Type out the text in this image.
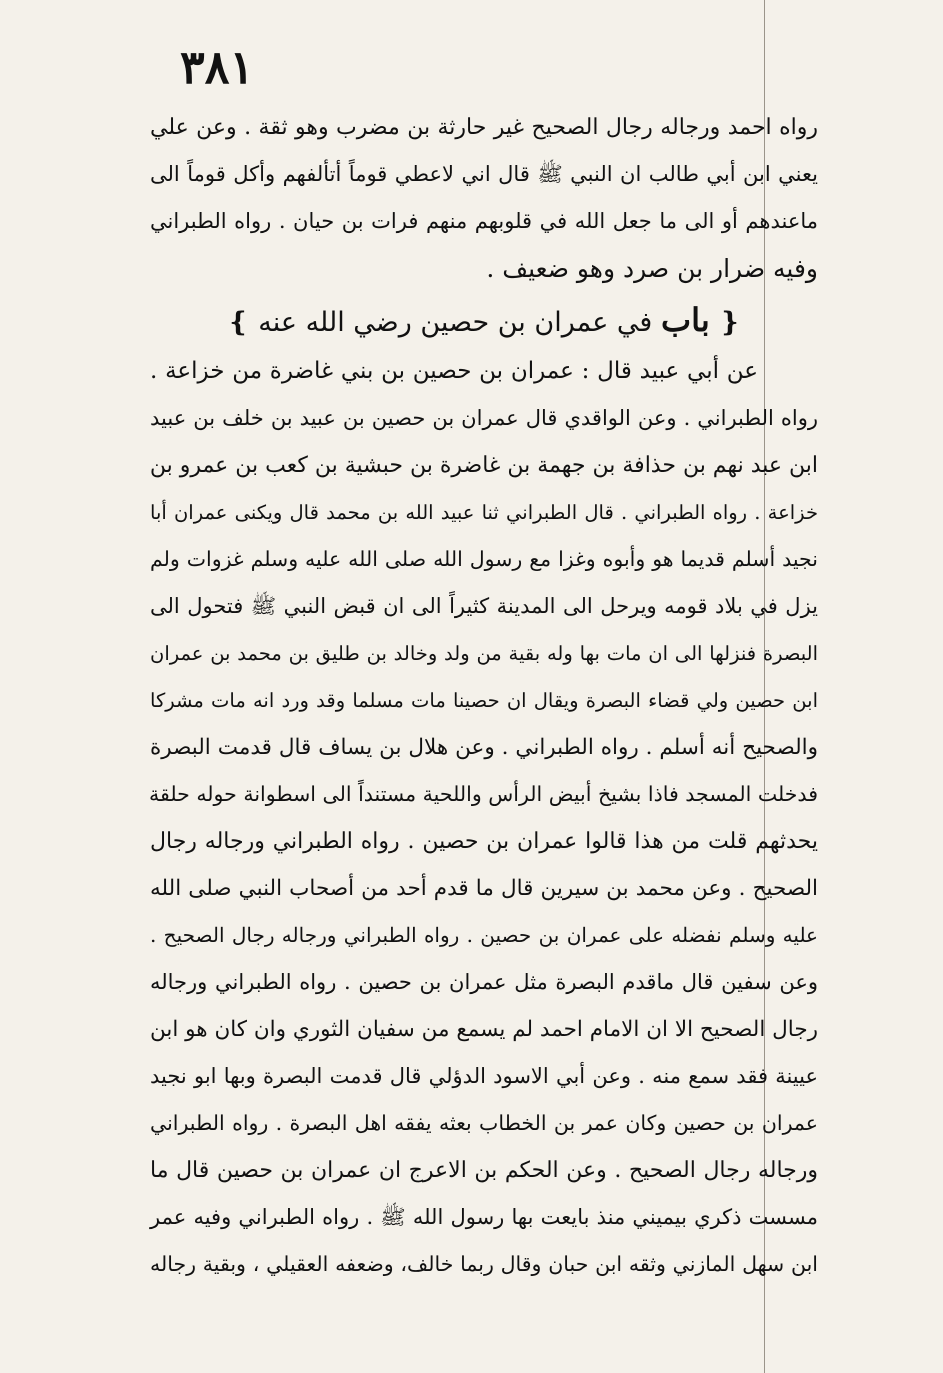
٣٨١
رواه احمد ورجاله رجال الصحيح غير حارثة بن مضرب وهو ثقة . وعن علي
يعني ابن أبي طالب ان النبي ﷺ قال اني لاعطي قوماً أتألفهم وأكل قوماً الى
ماعندهم أو الى ما جعل الله في قلوبهم منهم فرات بن حيان . رواه الطبراني
وفيه ضرار بن صرد وهو ضعيف .
❴ باب في عمران بن حصين رضي الله عنه ❵
عن أبي عبيد قال : عمران بن حصين بن بني غاضرة من خزاعة .
رواه الطبراني . وعن الواقدي قال عمران بن حصين بن عبيد بن خلف بن عبيد
ابن عبد نهم بن حذافة بن جهمة بن غاضرة بن حبشية بن كعب بن عمرو بن
خزاعة . رواه الطبراني . قال الطبراني ثنا عبيد الله بن محمد قال ويكنى عمران أبا
نجيد أسلم قديما هو وأبوه وغزا مع رسول الله صلى الله عليه وسلم غزوات ولم
يزل في بلاد قومه ويرحل الى المدينة كثيراً الى ان قبض النبي ﷺ فتحول الى
البصرة فنزلها الى ان مات بها وله بقية من ولد وخالد بن طليق بن محمد بن عمران
ابن حصين ولي قضاء البصرة ويقال ان حصينا مات مسلما وقد ورد انه مات مشركا
والصحيح أنه أسلم . رواه الطبراني . وعن هلال بن يساف قال قدمت البصرة
فدخلت المسجد فاذا بشيخ أبيض الرأس واللحية مستنداً الى اسطوانة حوله حلقة
يحدثهم قلت من هذا قالوا عمران بن حصين . رواه الطبراني ورجاله رجال
الصحيح . وعن محمد بن سيرين قال ما قدم أحد من أصحاب النبي صلى الله
عليه وسلم نفضله على عمران بن حصين . رواه الطبراني ورجاله رجال الصحيح .
وعن سفين قال ماقدم البصرة مثل عمران بن حصين . رواه الطبراني ورجاله
رجال الصحيح الا ان الامام احمد لم يسمع من سفيان الثوري وان كان هو ابن
عيينة فقد سمع منه . وعن أبي الاسود الدؤلي قال قدمت البصرة وبها ابو نجيد
عمران بن حصين وكان عمر بن الخطاب بعثه يفقه اهل البصرة . رواه الطبراني
ورجاله رجال الصحيح . وعن الحكم بن الاعرج ان عمران بن حصين قال ما
مسست ذكري بيميني منذ بايعت بها رسول الله ﷺ . رواه الطبراني وفيه عمر
ابن سهل المازني وثقه ابن حبان وقال ربما خالف، وضعفه العقيلي ، وبقية رجاله
